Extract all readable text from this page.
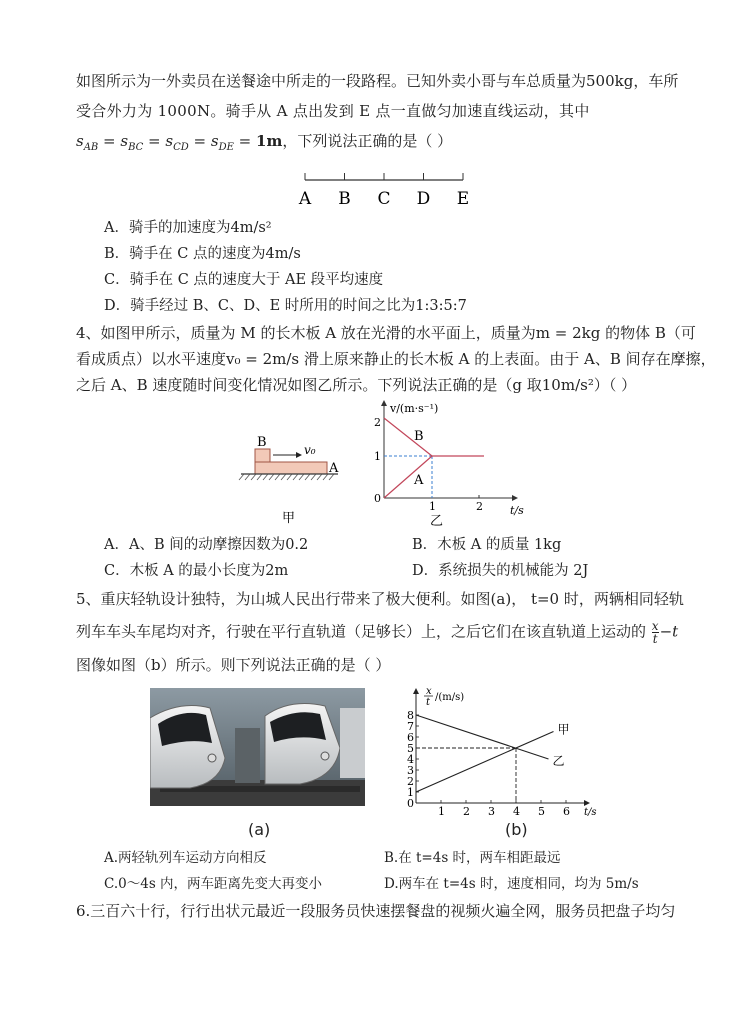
如图所示为一外卖员在送餐途中所走的一段路程。已知外卖小哥与车总质量为500kg，车所
受合外力为 1000N。骑手从 A 点出发到 E 点一直做匀加速直线运动，其中
$s_{AB} = s_{BC} = s_{CD} = s_{DE} = 1m$，下列说法正确的是（ ）
A B C D E
A．骑手的加速度为4m/s²
B．骑手在 C 点的速度为4m/s
C．骑手在 C 点的速度大于 AE 段平均速度
D．骑手经过 B、C、D、E 时所用的时间之比为1:3:5:7
4、如图甲所示，质量为 M 的长木板 A 放在光滑的水平面上，质量为m = 2kg 的物体 B（可
看成质点）以水平速度v₀ = 2m/s 滑上原来静止的长木板 A 的上表面。由于 A、B 间存在摩擦，
之后 A、B 速度随时间变化情况如图乙所示。下列说法正确的是（g 取10m/s²）（ ）
B	v₀
A
甲
v/(m·s⁻¹)
t/s
2
1
0
1	2
B
A
乙
A．A、B 间的动摩擦因数为0.2	B．木板 A 的质量 1kg
C．木板 A 的最小长度为2m	D．系统损失的机械能为 2J
5、重庆轻轨设计独特，为山城人民出行带来了极大便利。如图(a)， t=0 时，两辆相同轻轨
列车车头车尾均对齐，行驶在平行直轨道（足够长）上，之后它们在该直轨道上运动的 $\frac{x}{t} -t$
图像如图（b）所示。则下列说法正确的是（ ）
(a)
x
t /(m/s)
t/s
0
1
2
3
4
5
6
7
8
1 2 3 4 5 6
甲
乙
(b)
A.两轻轨列车运动方向相反	B.在 t=4s 时，两车相距最远
C.0～4s 内，两车距离先变大再变小	D.两车在 t=4s 时，速度相同，均为 5m/s
6.三百六十行，行行出状元最近一段服务员快速摆餐盘的视频火遍全网，服务员把盘子均匀
